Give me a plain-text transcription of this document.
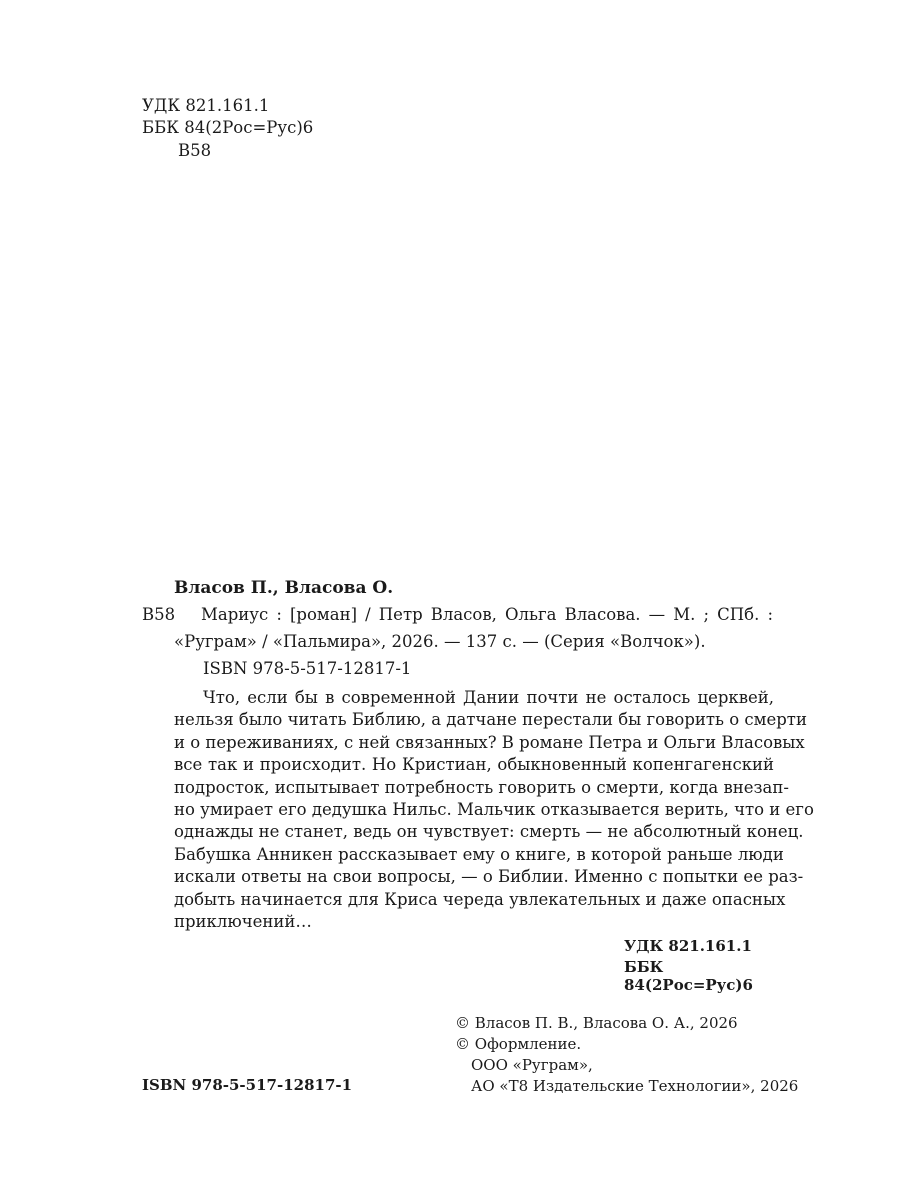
УДК 821.161.1
ББК 84(2Рос=Рус)6
В58
Власов П., Власова О.
В58 Мариус : [роман] / Петр Власов, Ольга Власова. — М. ; СПб. :
«Руграм» / «Пальмира», 2026. — 137 с. — (Серия «Волчок»).
ISBN 978-5-517-12817-1
Что, если бы в современной Дании почти не осталось церквей,
нельзя было читать Библию, а датчане перестали бы говорить о смерти
и о переживаниях, с ней связанных? В романе Петра и Ольги Власовых
все так и происходит. Но Кристиан, обыкновенный копенгагенский
подросток, испытывает потребность говорить о смерти, когда внезап-
но умирает его дедушка Нильс. Мальчик отказывается верить, что и его
однажды не станет, ведь он чувствует: смерть — не абсолютный конец.
Бабушка Анникен рассказывает ему о книге, в которой раньше люди
искали ответы на свои вопросы, — о Библии. Именно с попытки ее раз-
добыть начинается для Криса череда увлекательных и даже опасных
приключений…
УДК 821.161.1
ББК 84(2Рос=Рус)6
© Власов П. В., Власова О. А., 2026
© Оформление.
ООО «Руграм»,
АО «Т8 Издательские Технологии», 2026
ISBN 978-5-517-12817-1
